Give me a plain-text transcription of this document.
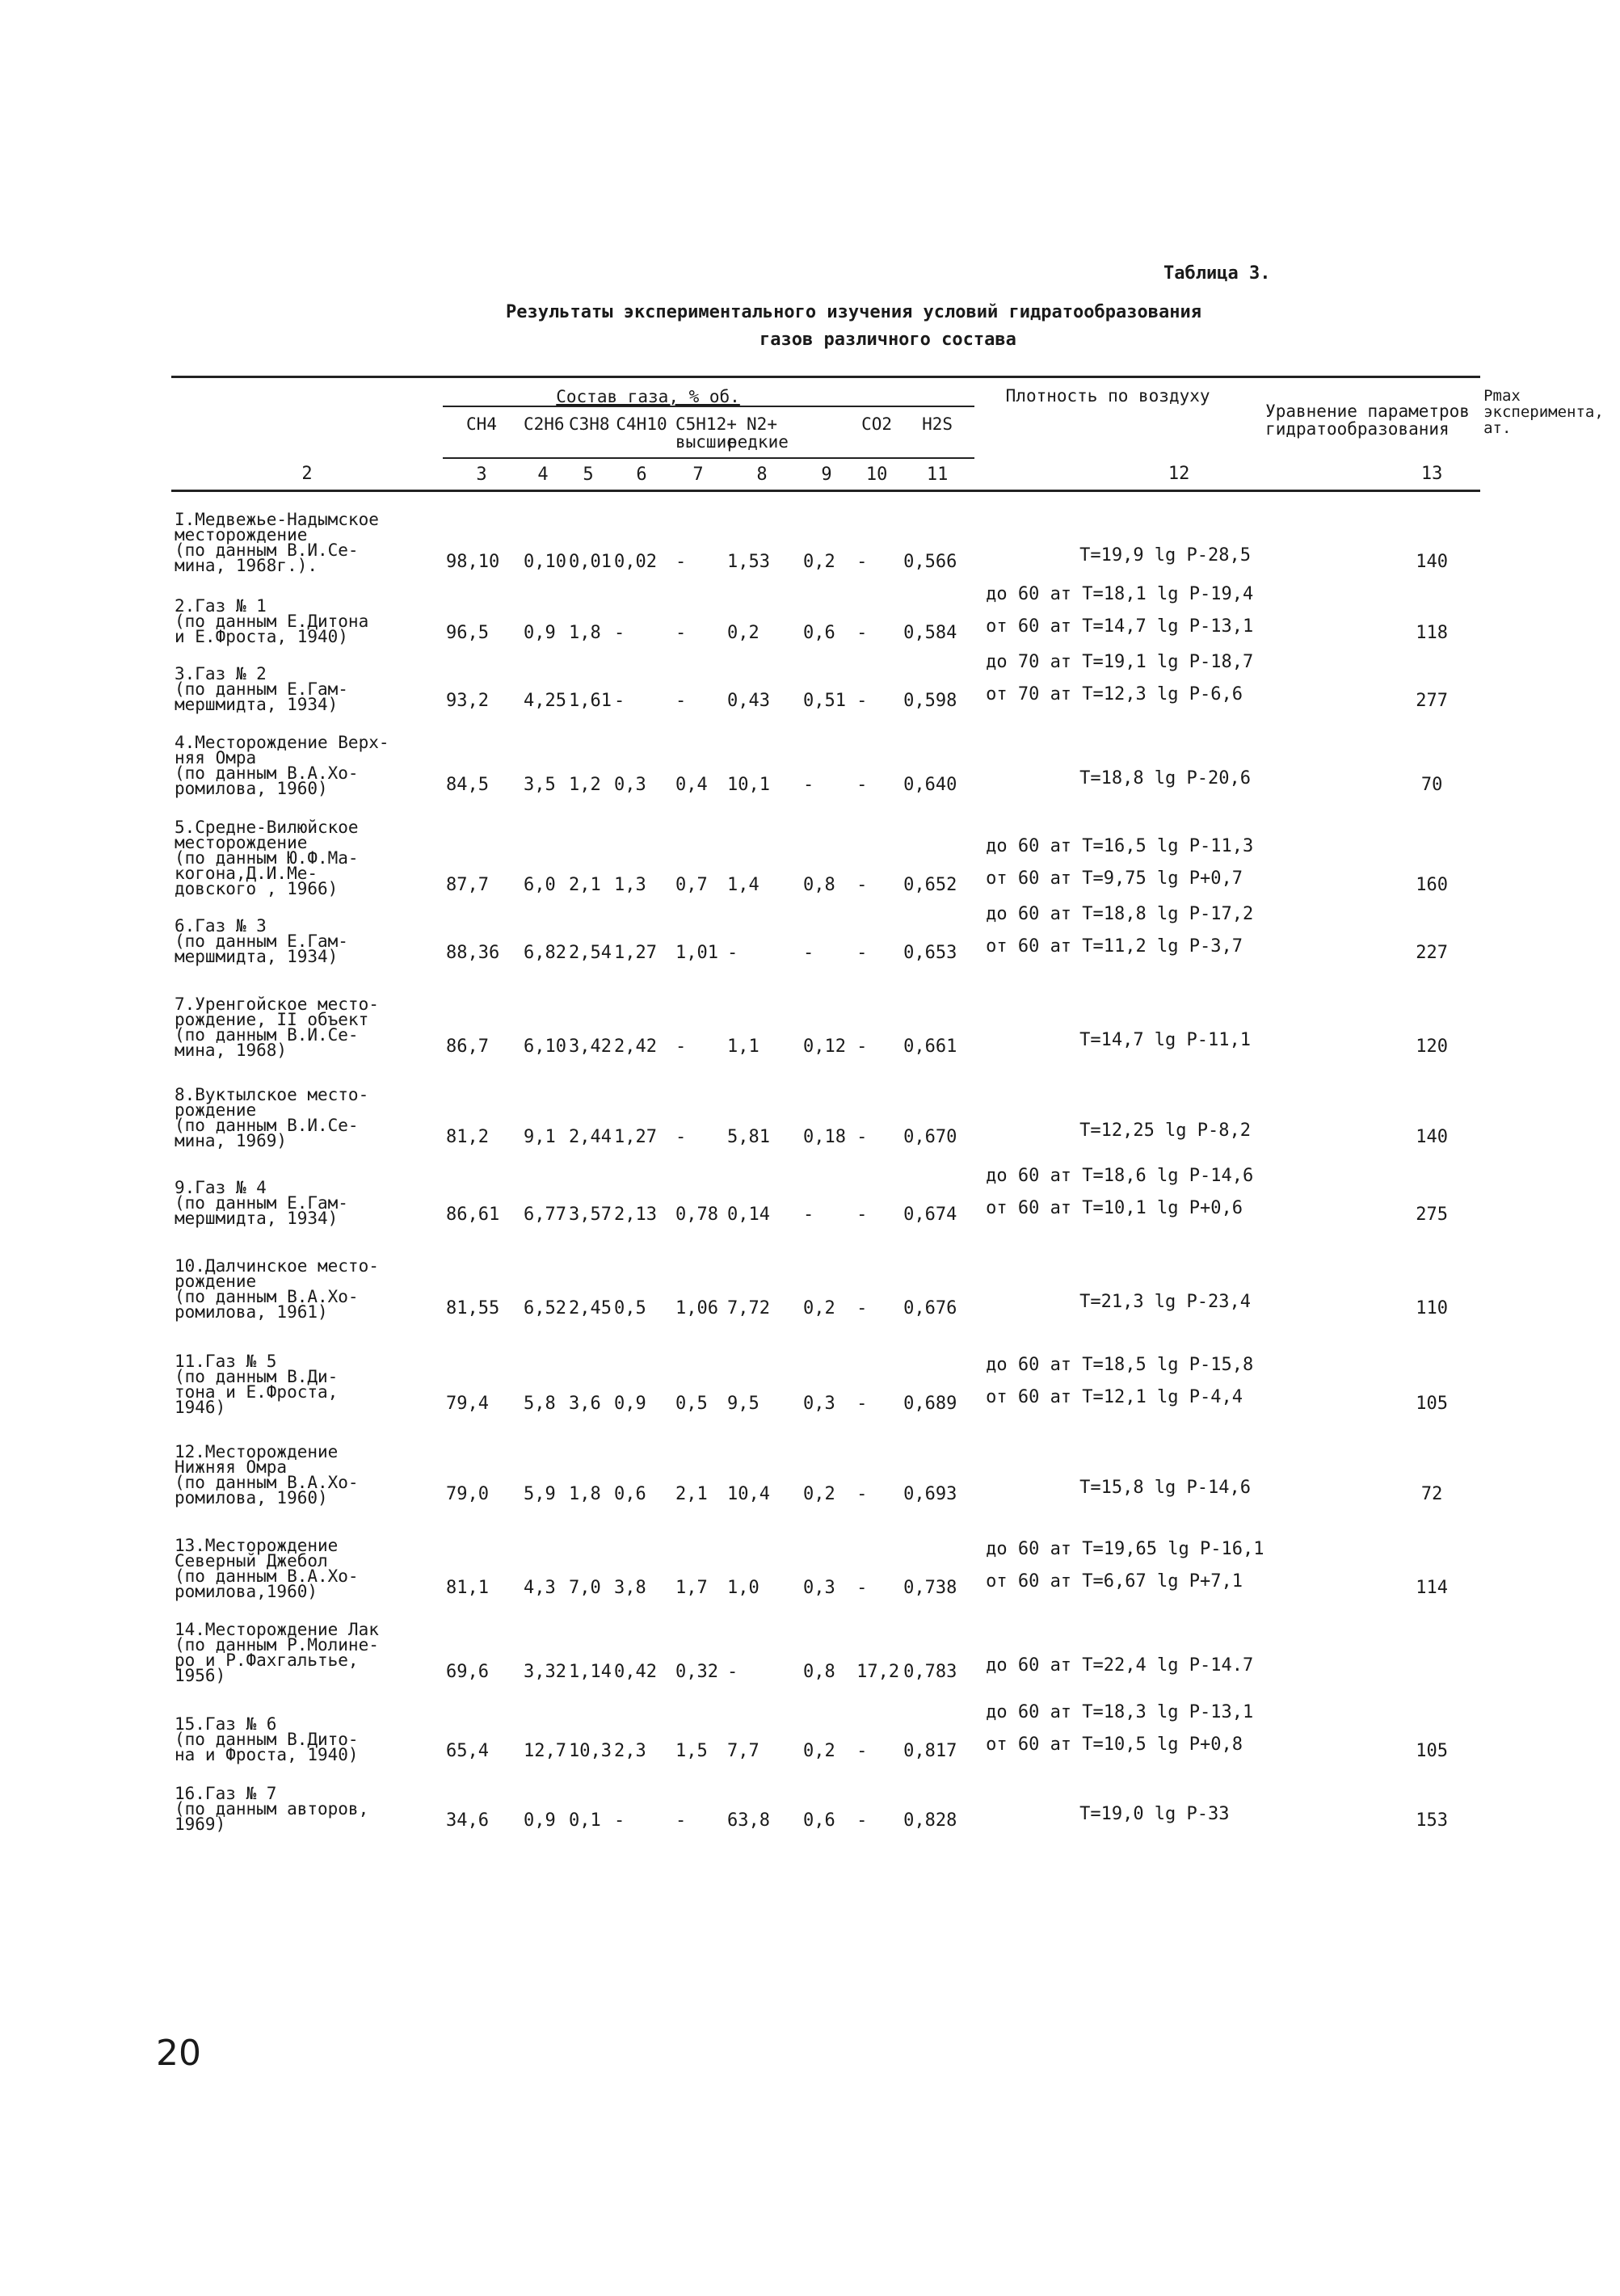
Таблица 3.
Результаты экспериментального изучения условий гидратообразования
газов различного состава
	Состав газа, % об.									Плотность по воздуху	Уравнение параметров гидратообразования		Pmax эксперимента, ат.
	CH4	C2H6	C3H8	C4H10	C5H12+	N2+		CO2	H2S				
					высшие	редкие							
2	3	4	5	6	7	8	9	10	11	12		13	

I.Медвежье-Надымское
месторождение
(по данным В.И.Се-
мина, 1968г.).	98,10	0,10	0,01	0,02	-	1,53	0,2	-	0,566	T=19,9 lg P-28,5		140	

2.Газ № 1
(по данным Е.Дитона
и Е.Фроста, 1940)	96,5	0,9	1,8	-	-	0,2	0,6	-	0,584	до 60 ат T=18,1 lg P-19,4
от 60 ат T=14,7 lg P-13,1		118	

3.Газ № 2
(по данным Е.Гам-
мершмидта, 1934)	93,2	4,25	1,61	-	-	0,43	0,51	-	0,598	до 70 ат T=19,1 lg P-18,7
от 70 ат T=12,3 lg P-6,6		277	

4.Месторождение Верх-
няя Омра
(по данным В.А.Хо-
ромилова, 1960)	84,5	3,5	1,2	0,3	0,4	10,1	-	-	0,640	T=18,8 lg P-20,6		70	

5.Средне-Вилюйское
месторождение
(по данным Ю.Ф.Ма-
когона,Д.И.Ме-
довского , 1966)	87,7	6,0	2,1	1,3	0,7	1,4	0,8	-	0,652	до 60 ат T=16,5 lg P-11,3
от 60 ат T=9,75 lg P+0,7		160	

6.Газ № 3
(по данным Е.Гам-
мершмидта, 1934)	88,36	6,82	2,54	1,27	1,01	-	-	-	0,653	до 60 ат T=18,8 lg P-17,2
от 60 ат T=11,2 lg P-3,7		227	

7.Уренгойское место-
рождение, II объект
(по данным В.И.Се-
мина, 1968)	86,7	6,10	3,42	2,42	-	1,1	0,12	-	0,661	T=14,7 lg P-11,1		120	

8.Вуктылское место-
рождение
(по данным В.И.Се-
мина, 1969)	81,2	9,1	2,44	1,27	-	5,81	0,18	-	0,670	T=12,25 lg P-8,2		140	

9.Газ № 4
(по данным Е.Гам-
мершмидта, 1934)	86,61	6,77	3,57	2,13	0,78	0,14	-	-	0,674	до 60 ат T=18,6 lg P-14,6
от 60 ат T=10,1 lg P+0,6		275	

10.Далчинское место-
рождение
(по данным В.А.Хо-
ромилова, 1961)	81,55	6,52	2,45	0,5	1,06	7,72	0,2	-	0,676	T=21,3 lg P-23,4		110	

11.Газ № 5
(по данным В.Ди-
тона и Е.Фроста,
1946)	79,4	5,8	3,6	0,9	0,5	9,5	0,3	-	0,689	до 60 ат T=18,5 lg P-15,8
от 60 ат T=12,1 lg P-4,4		105	

12.Месторождение
Нижняя Омра
(по данным В.А.Хо-
ромилова, 1960)	79,0	5,9	1,8	0,6	2,1	10,4	0,2	-	0,693	T=15,8 lg P-14,6		72	

13.Месторождение
Северный Джебол
(по данным В.А.Хо-
ромилова,1960)	81,1	4,3	7,0	3,8	1,7	1,0	0,3	-	0,738	до 60 ат T=19,65 lg P-16,1
от 60 ат T=6,67 lg P+7,1		114	

14.Месторождение Лак
(по данным Р.Молине-
ро и Р.Фахгальтье,
1956)	69,6	3,32	1,14	0,42	0,32	-	0,8	17,2	0,783	до 60 ат T=22,4 lg P-14.7			

15.Газ № 6
(по данным В.Дито-
на и Фроста, 1940)	65,4	12,7	10,3	2,3	1,5	7,7	0,2	-	0,817	до 60 ат T=18,3 lg P-13,1
от 60 ат T=10,5 lg P+0,8		105	

16.Газ № 7
(по данным авторов,
1969)	34,6	0,9	0,1	-	-	63,8	0,6	-	0,828	T=19,0 lg P-33		153	
20
